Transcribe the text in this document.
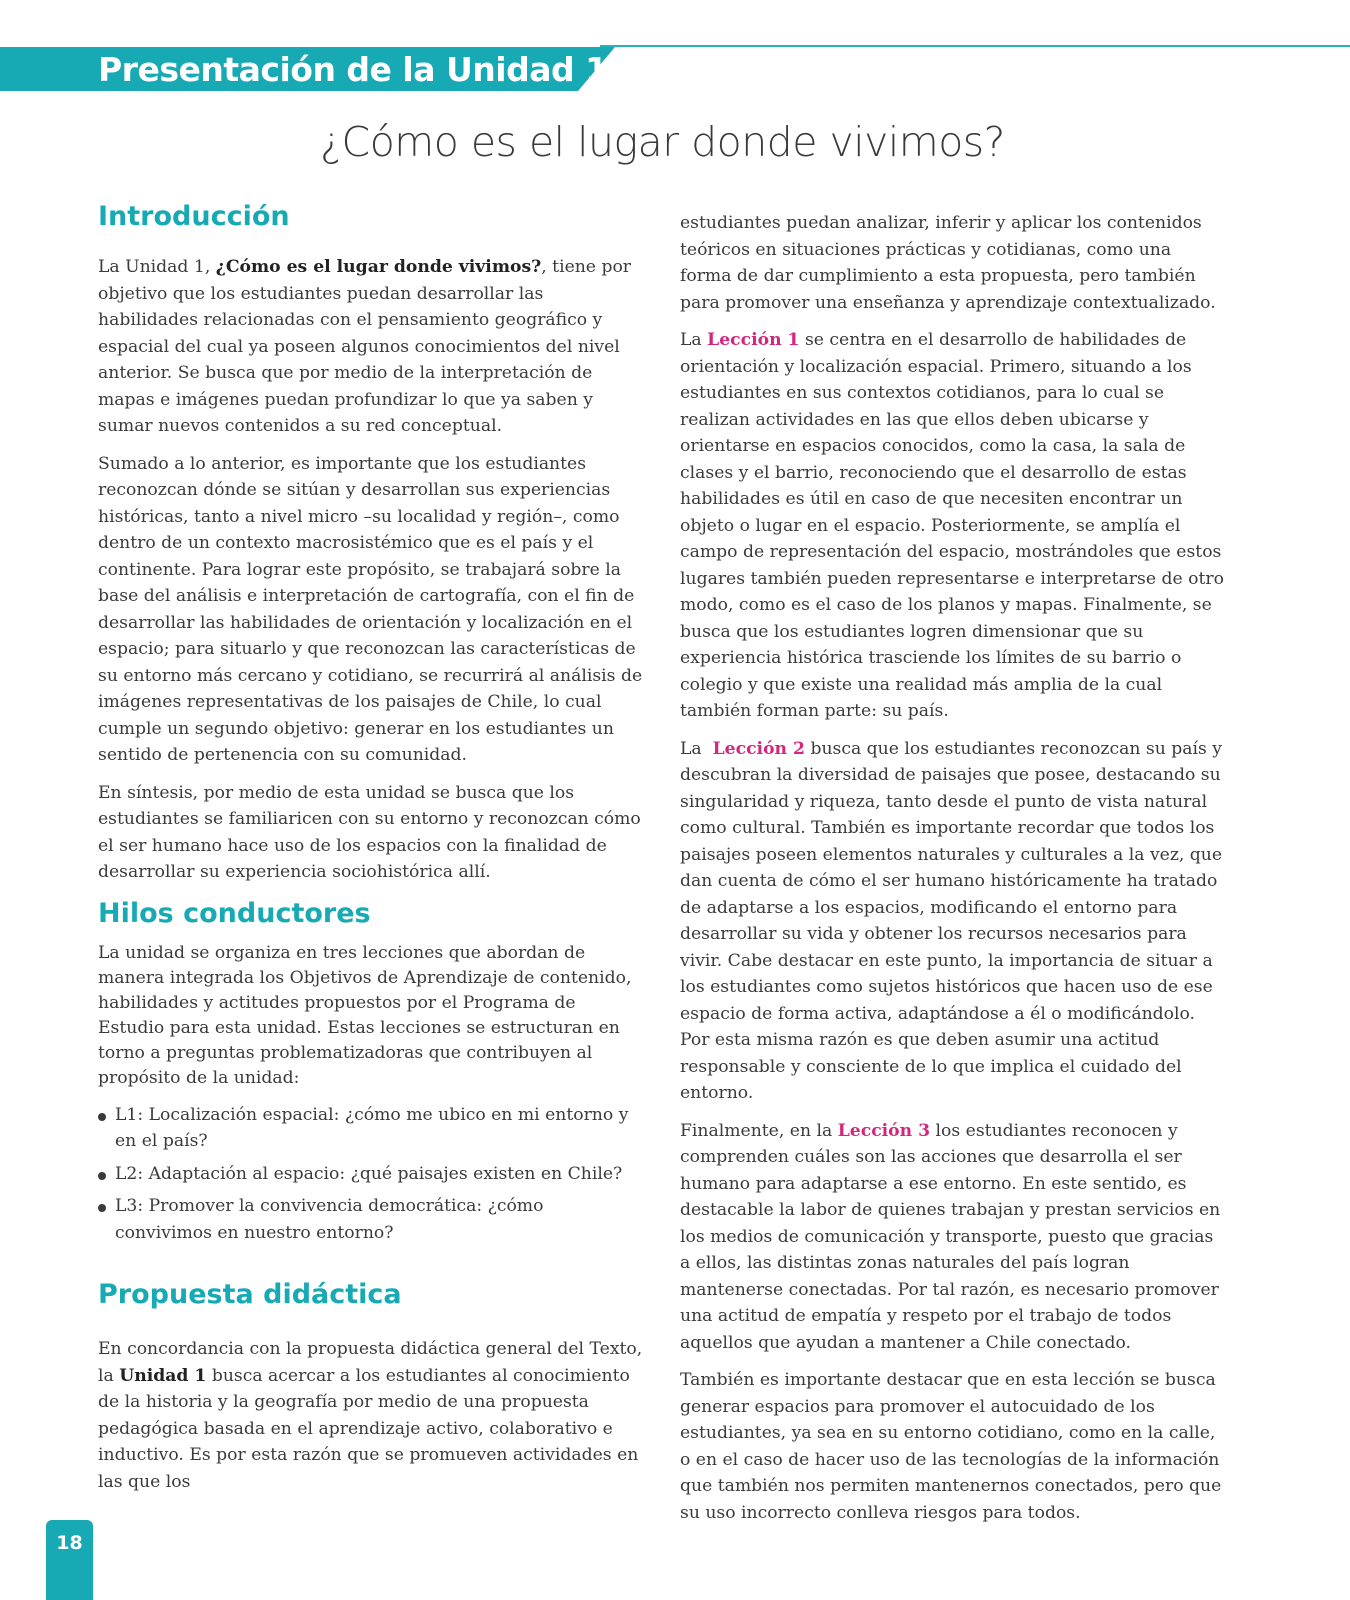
Presentación de la Unidad 1
¿Cómo es el lugar donde vivimos?
Introducción

La Unidad 1, ¿Cómo es el lugar donde vivimos?, tiene por objetivo que los estudiantes puedan desarrollar las habilidades relacionadas con el pensamiento geográfico y espacial del cual ya poseen algunos conocimientos del nivel anterior. Se busca que por medio de la interpretación de mapas e imágenes puedan profundizar lo que ya saben y sumar nuevos contenidos a su red conceptual.

Sumado a lo anterior, es importante que los estudiantes reconozcan dónde se sitúan y desarrollan sus experiencias históricas, tanto a nivel micro –su localidad y región–, como dentro de un contexto macrosistémico que es el país y el continente. Para lograr este propósito, se trabajará sobre la base del análisis e interpretación de cartografía, con el fin de desarrollar las habilidades de orientación y localización en el espacio; para situarlo y que reconozcan las características de su entorno más cercano y cotidiano, se recurrirá al análisis de imágenes representativas de los paisajes de Chile, lo cual cumple un segundo objetivo: generar en los estudiantes un sentido de pertenencia con su comunidad.

En síntesis, por medio de esta unidad se busca que los estudiantes se familiaricen con su entorno y reconozcan cómo el ser humano hace uso de los espacios con la finalidad de desarrollar su experiencia sociohistórica allí.

Hilos conductores

La unidad se organiza en tres lecciones que abordan de manera integrada los Objetivos de Aprendizaje de contenido, habilidades y actitudes propuestos por el Programa de Estudio para esta unidad. Estas lecciones se estructuran en torno a preguntas problematizadoras que contribuyen al propósito de la unidad:

L1: Localización espacial: ¿cómo me ubico en mi entorno y en el país?
L2: Adaptación al espacio: ¿qué paisajes existen en Chile?
L3: Promover la convivencia democrática: ¿cómo convivimos en nuestro entorno?
Propuesta didáctica

En concordancia con la propuesta didáctica general del Texto, la Unidad 1 busca acercar a los estudiantes al conocimiento de la historia y la geografía por medio de una propuesta pedagógica basada en el aprendizaje activo, colaborativo e inductivo. Es por esta razón que se promueven actividades en las que los

estudiantes puedan analizar, inferir y aplicar los contenidos teóricos en situaciones prácticas y cotidianas, como una forma de dar cumplimiento a esta propuesta, pero también para promover una enseñanza y aprendizaje contextualizado.

La Lección 1 se centra en el desarrollo de habilidades de orientación y localización espacial. Primero, situando a los estudiantes en sus contextos cotidianos, para lo cual se realizan actividades en las que ellos deben ubicarse y orientarse en espacios conocidos, como la casa, la sala de clases y el barrio, reconociendo que el desarrollo de estas habilidades es útil en caso de que necesiten encontrar un objeto o lugar en el espacio. Posteriormente, se amplía el campo de representación del espacio, mostrándoles que estos lugares también pueden representarse e interpretarse de otro modo, como es el caso de los planos y mapas. Finalmente, se busca que los estudiantes logren dimensionar que su experiencia histórica trasciende los límites de su barrio o colegio y que existe una realidad más amplia de la cual también forman parte: su país.

La  Lección 2 busca que los estudiantes reconozcan su país y descubran la diversidad de paisajes que posee, destacando su singularidad y riqueza, tanto desde el punto de vista natural como cultural. También es importante recordar que todos los paisajes poseen elementos naturales y culturales a la vez, que dan cuenta de cómo el ser humano históricamente ha tratado de adaptarse a los espacios, modificando el entorno para desarrollar su vida y obtener los recursos necesarios para vivir. Cabe destacar en este punto, la importancia de situar a los estudiantes como sujetos históricos que hacen uso de ese espacio de forma activa, adaptándose a él o modificándolo. Por esta misma razón es que deben asumir una actitud responsable y consciente de lo que implica el cuidado del entorno.

Finalmente, en la Lección 3 los estudiantes reconocen y comprenden cuáles son las acciones que desarrolla el ser humano para adaptarse a ese entorno. En este sentido, es destacable la labor de quienes trabajan y prestan servicios en los medios de comunicación y transporte, puesto que gracias a ellos, las distintas zonas naturales del país logran mantenerse conectadas. Por tal razón, es necesario promover una actitud de empatía y respeto por el trabajo de todos aquellos que ayudan a mantener a Chile conectado.

También es importante destacar que en esta lección se busca generar espacios para promover el autocuidado de los estudiantes, ya sea en su entorno cotidiano, como en la calle, o en el caso de hacer uso de las tecnologías de la información que también nos permiten mantenernos conectados, pero que su uso incorrecto conlleva riesgos para todos.

18
